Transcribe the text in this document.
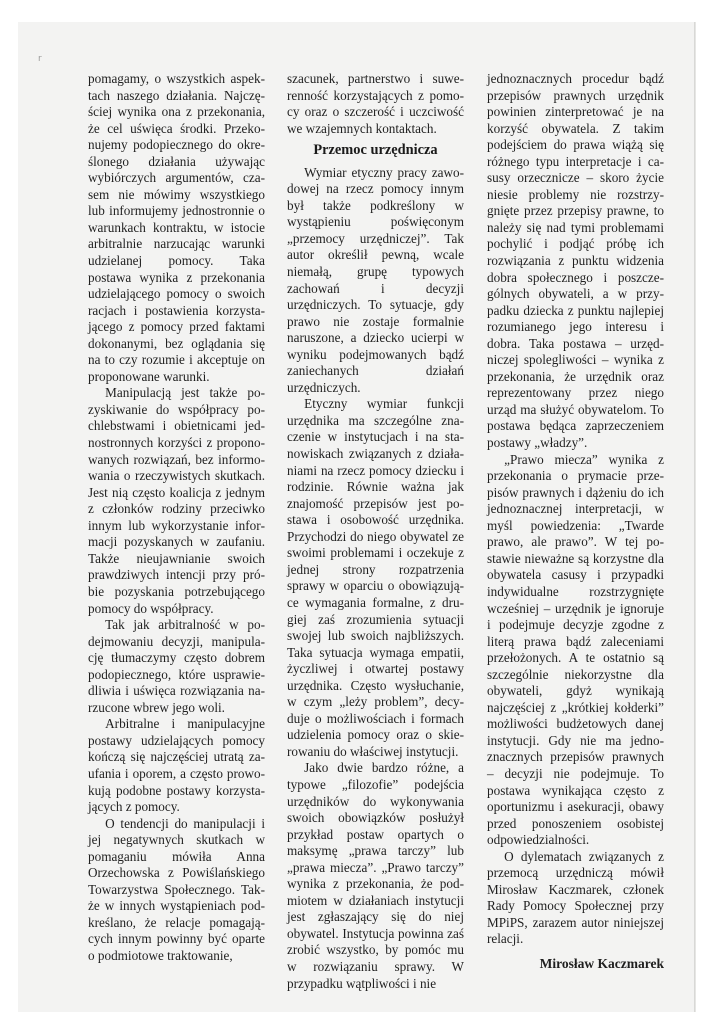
r

pomagamy, o wszystkich aspektach naszego działania. Najczęściej wynika ona z przekonania, że cel uświęca środki. Przekonujemy podopiecznego do określonego działania używając wybiórczych argumentów, czasem nie mówimy wszystkiego lub informujemy jednostronnie o warunkach kontraktu, w istocie arbitralnie narzucając warunki udzielanej pomocy. Taka postawa wynika z przekonania udzielającego pomocy o swoich racjach i postawienia korzystającego z pomocy przed faktami dokonanymi, bez oglądania się na to czy rozumie i akceptuje on proponowane warunki.

Manipulacją jest także pozyskiwanie do współpracy pochlebstwami i obietnicami jednostronnych korzyści z proponowanych rozwiązań, bez informowania o rzeczywistych skutkach. Jest nią często koalicja z jednym z członków rodziny przeciwko innym lub wykorzystanie informacji pozyskanych w zaufaniu. Także nieujawnianie swoich prawdziwych intencji przy próbie pozyskania potrzebującego pomocy do współpracy.

Tak jak arbitralność w podejmowaniu decyzji, manipulację tłumaczymy często dobrem podopiecznego, które usprawiedliwia i uświęca rozwiązania narzucone wbrew jego woli.

Arbitralne i manipulacyjne postawy udzielających pomocy kończą się najczęściej utratą zaufania i oporem, a często prowokują podobne postawy korzystających z pomocy.

O tendencji do manipulacji i jej negatywnych skutkach w pomaganiu mówiła Anna Orzechowska z Powiślańskiego Towarzystwa Społecznego. Także w innych wystąpieniach podkreślano, że relacje pomagających innym powinny być oparte o podmiotowe traktowanie,

szacunek, partnerstwo i suwerenność korzystających z pomocy oraz o szczerość i uczciwość we wzajemnych kontaktach.

Przemoc urzędnicza

Wymiar etyczny pracy zawodowej na rzecz pomocy innym był także podkreślony w wystąpieniu poświęconym „przemocy urzędniczej”. Tak autor określił pewną, wcale niemałą, grupę typowych zachowań i decyzji urzędniczych. To sytuacje, gdy prawo nie zostaje formalnie naruszone, a dziecko ucierpi w wyniku podejmowanych bądź zaniechanych działań urzędniczych.

Etyczny wymiar funkcji urzędnika ma szczególne znaczenie w instytucjach i na stanowiskach związanych z działaniami na rzecz pomocy dziecku i rodzinie. Równie ważna jak znajomość przepisów jest postawa i osobowość urzędnika. Przychodzi do niego obywatel ze swoimi problemami i oczekuje z jednej strony rozpatrzenia sprawy w oparciu o obowiązujące wymagania formalne, z drugiej zaś zrozumienia sytuacji swojej lub swoich najbliższych. Taka sytuacja wymaga empatii, życzliwej i otwartej postawy urzędnika. Często wysłuchanie, w czym „leży problem”, decyduje o możliwościach i formach udzielenia pomocy oraz o skierowaniu do właściwej instytucji.

Jako dwie bardzo różne, a typowe „filozofie” podejścia urzędników do wykonywania swoich obowiązków posłużył przykład postaw opartych o maksymę „prawa tarczy” lub „prawa miecza”. „Prawo tarczy” wynika z przekonania, że podmiotem w działaniach instytucji jest zgłaszający się do niej obywatel. Instytucja powinna zaś zrobić wszystko, by pomóc mu w rozwiązaniu sprawy. W przypadku wątpliwości i nie

jednoznacznych procedur bądź przepisów prawnych urzędnik powinien zinterpretować je na korzyść obywatela. Z takim podejściem do prawa wiążą się różnego typu interpretacje i casusy orzecznicze – skoro życie niesie problemy nie rozstrzygnięte przez przepisy prawne, to należy się nad tymi problemami pochylić i podjąć próbę ich rozwiązania z punktu widzenia dobra społecznego i poszczególnych obywateli, a w przypadku dziecka z punktu najlepiej rozumianego jego interesu i dobra. Taka postawa – urzędniczej spolegliwości – wynika z przekonania, że urzędnik oraz reprezentowany przez niego urząd ma służyć obywatelom. To postawa będąca zaprzeczeniem postawy „władzy”.

„Prawo miecza” wynika z przekonania o prymacie przepisów prawnych i dążeniu do ich jednoznacznej interpretacji, w myśl powiedzenia: „Twarde prawo, ale prawo”. W tej postawie nieważne są korzystne dla obywatela casusy i przypadki indywidualne rozstrzygnięte wcześniej – urzędnik je ignoruje i podejmuje decyzje zgodne z literą prawa bądź zaleceniami przełożonych. A te ostatnio są szczególnie niekorzystne dla obywateli, gdyż wynikają najczęściej z „krótkiej kołderki” możliwości budżetowych danej instytucji. Gdy nie ma jednoznacznych przepisów prawnych – decyzji nie podejmuje. To postawa wynikająca często z oportunizmu i asekuracji, obawy przed ponoszeniem osobistej odpowiedzialności.

O dylematach związanych z przemocą urzędniczą mówił Mirosław Kaczmarek, członek Rady Pomocy Społecznej przy MPiPS, zarazem autor niniejszej relacji.

Mirosław Kaczmarek
